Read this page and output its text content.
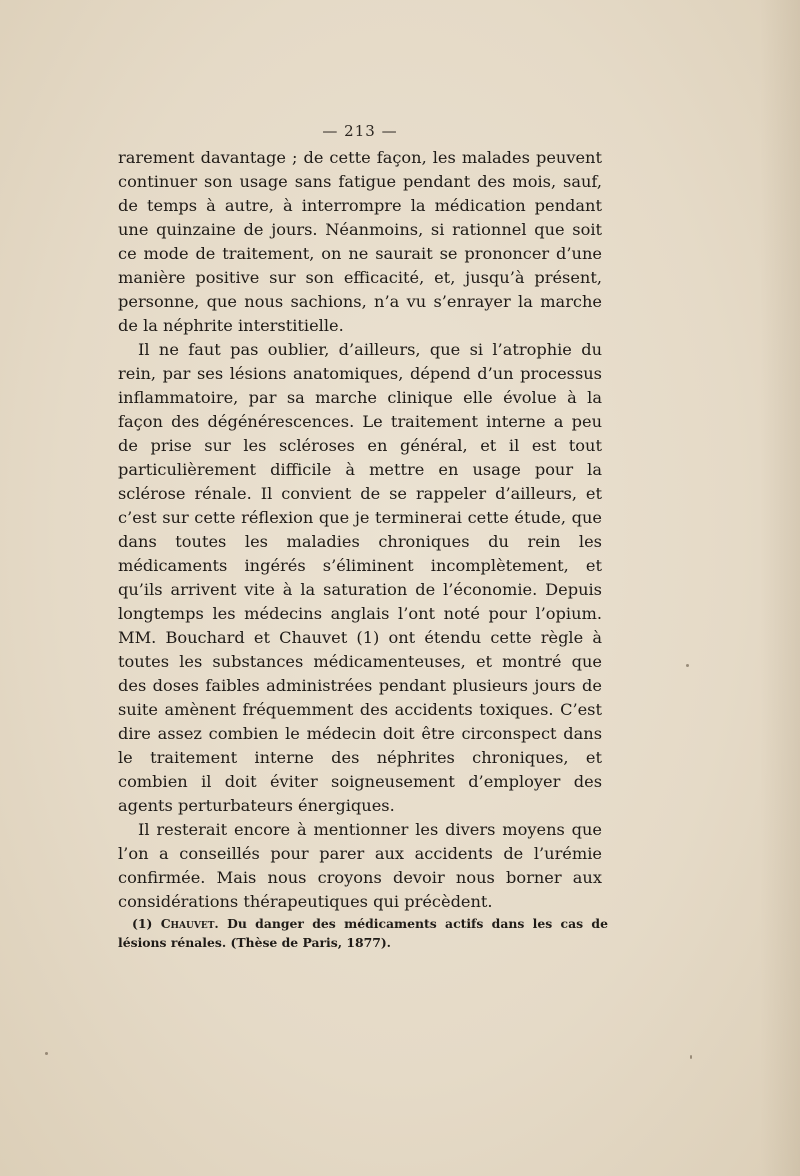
— 213 —

rarement davantage ; de cette façon, les malades peuvent continuer son usage sans fatigue pendant des mois, sauf, de temps à autre, à interrompre la médication pendant une quinzaine de jours. Néanmoins, si rationnel que soit ce mode de traitement, on ne saurait se prononcer d’une manière positive sur son efficacité, et, jusqu’à présent, personne, que nous sachions, n’a vu s’enrayer la marche de la néphrite interstitielle.

Il ne faut pas oublier, d’ailleurs, que si l’atrophie du rein, par ses lésions anatomiques, dépend d’un processus inflammatoire, par sa marche clinique elle évolue à la façon des dégénérescences. Le traitement interne a peu de prise sur les scléroses en général, et il est tout particulièrement difficile à mettre en usage pour la sclérose rénale. Il convient de se rappeler d’ailleurs, et c’est sur cette réflexion que je terminerai cette étude, que dans toutes les maladies chroniques du rein les médicaments ingérés s’éliminent incomplètement, et qu’ils arrivent vite à la saturation de l’économie. Depuis longtemps les médecins anglais l’ont noté pour l’opium. MM. Bouchard et Chauvet (1) ont étendu cette règle à toutes les substances médicamenteuses, et montré que des doses faibles administrées pendant plusieurs jours de suite amènent fréquemment des accidents toxiques. C’est dire assez combien le médecin doit être circonspect dans le traitement interne des néphrites chroniques, et combien il doit éviter soigneusement d’employer des agents perturbateurs énergiques.

Il resterait encore à mentionner les divers moyens que l’on a conseillés pour parer aux accidents de l’urémie confirmée. Mais nous croyons devoir nous borner aux considérations thérapeutiques qui précèdent.

(1) Chauvet. Du danger des médicaments actifs dans les cas de lésions rénales. (Thèse de Paris, 1877).
